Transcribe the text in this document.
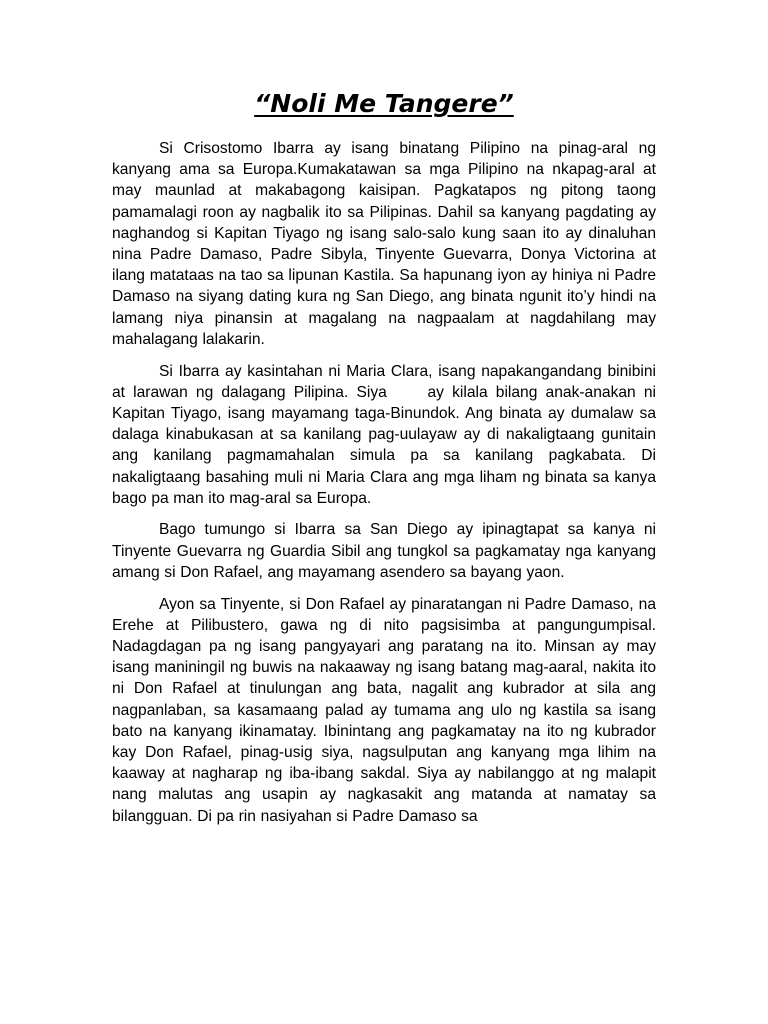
“Noli Me Tangere”

Si Crisostomo Ibarra ay isang binatang Pilipino na pinag-aral ng kanyang ama sa Europa.Kumakatawan sa mga Pilipino na nkapag-aral at may maunlad at makabagong kaisipan. Pagkatapos ng pitong taong pamamalagi roon ay nagbalik ito sa Pilipinas. Dahil sa kanyang pagdating ay naghandog si Kapitan Tiyago ng isang salo-salo kung saan ito ay dinaluhan nina Padre Damaso, Padre Sibyla, Tinyente Guevarra, Donya Victorina at ilang matataas na tao sa lipunan Kastila. Sa hapunang iyon ay hiniya ni Padre Damaso na siyang dating kura ng San Diego, ang binata ngunit ito’y hindi na lamang niya pinansin at magalang na nagpaalam at nagdahilang may mahalagang lalakarin.

Si Ibarra ay kasintahan ni Maria Clara, isang napakangandang binibini at larawan ng dalagang Pilipina. Siya     ay kilala bilang anak-anakan ni Kapitan Tiyago, isang mayamang taga-Binundok. Ang binata ay dumalaw sa dalaga kinabukasan at sa kanilang pag-uulayaw ay di nakaligtaang gunitain ang kanilang pagmamahalan simula pa sa kanilang pagkabata. Di nakaligtaang basahing muli ni Maria Clara ang mga liham ng binata sa kanya bago pa man ito mag-aral sa Europa.

Bago tumungo si Ibarra sa San Diego ay ipinagtapat sa kanya ni Tinyente Guevarra ng Guardia Sibil ang tungkol sa pagkamatay nga kanyang amang si Don Rafael, ang mayamang asendero sa bayang yaon.

Ayon sa Tinyente, si Don Rafael ay pinaratangan ni Padre Damaso, na Erehe at Pilibustero, gawa ng di nito pagsisimba at pangungumpisal. Nadagdagan pa ng isang pangyayari ang paratang na ito. Minsan ay may isang maniningil ng buwis na nakaaway ng isang batang mag-aaral, nakita ito ni Don Rafael at tinulungan ang bata, nagalit ang kubrador at sila ang nagpanlaban, sa kasamaang palad ay tumama ang ulo ng kastila sa isang bato na kanyang ikinamatay. Ibinintang ang pagkamatay na ito ng kubrador kay Don Rafael, pinag-usig siya, nagsulputan ang kanyang mga lihim na kaaway at nagharap ng iba-ibang sakdal. Siya ay nabilanggo at ng malapit nang malutas ang usapin ay nagkasakit ang matanda at namatay sa bilangguan. Di pa rin nasiyahan si Padre Damaso sa
